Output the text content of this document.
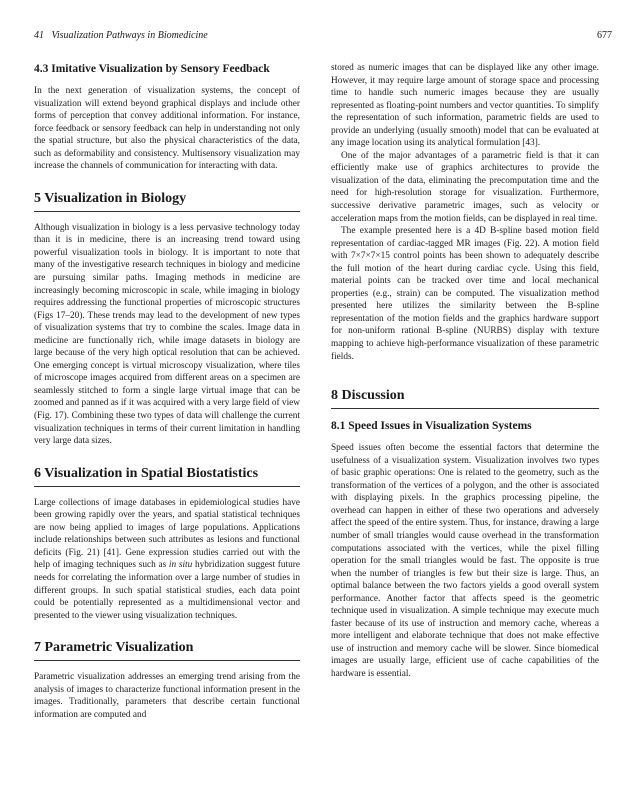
41 Visualization Pathways in Biomedicine	677
4.3 Imitative Visualization by Sensory Feedback

In the next generation of visualization systems, the concept of visualization will extend beyond graphical displays and include other forms of perception that convey additional information. For instance, force feedback or sensory feedback can help in understanding not only the spatial structure, but also the physical characteristics of the data, such as deformability and consistency. Multisensory visualization may increase the channels of communication for interacting with data.

5 Visualization in Biology

Although visualization in biology is a less pervasive technology today than it is in medicine, there is an increasing trend toward using powerful visualization tools in biology. It is important to note that many of the investigative research techniques in biology and medicine are pursuing similar paths. Imaging methods in medicine are increasingly becoming microscopic in scale, while imaging in biology requires addressing the functional properties of microscopic structures (Figs 17–20). These trends may lead to the development of new types of visualization systems that try to combine the scales. Image data in medicine are functionally rich, while image datasets in biology are large because of the very high optical resolution that can be achieved. One emerging concept is virtual microscopy visualization, where tiles of microscope images acquired from different areas on a specimen are seamlessly stitched to form a single large virtual image that can be zoomed and panned as if it was acquired with a very large field of view (Fig. 17). Combining these two types of data will challenge the current visualization techniques in terms of their current limitation in handling very large data sizes.

6 Visualization in Spatial Biostatistics

Large collections of image databases in epidemiological studies have been growing rapidly over the years, and spatial statistical techniques are now being applied to images of large populations. Applications include relationships between such attributes as lesions and functional deficits (Fig. 21) [41]. Gene expression studies carried out with the help of imaging techniques such as in situ hybridization suggest future needs for correlating the information over a large number of studies in different groups. In such spatial statistical studies, each data point could be potentially represented as a multidimensional vector and presented to the viewer using visualization techniques.

7 Parametric Visualization

Parametric visualization addresses an emerging trend arising from the analysis of images to characterize functional information present in the images. Traditionally, parameters that describe certain functional information are computed and

stored as numeric images that can be displayed like any other image. However, it may require large amount of storage space and processing time to handle such numeric images because they are usually represented as floating-point numbers and vector quantities. To simplify the representation of such information, parametric fields are used to provide an underlying (usually smooth) model that can be evaluated at any image location using its analytical formulation [43].

One of the major advantages of a parametric field is that it can efficiently make use of graphics architectures to provide the visualization of the data, eliminating the precomputation time and the need for high-resolution storage for visualization. Furthermore, successive derivative parametric images, such as velocity or acceleration maps from the motion fields, can be displayed in real time.

The example presented here is a 4D B-spline based motion field representation of cardiac-tagged MR images (Fig. 22). A motion field with 7×7×7×15 control points has been shown to adequately describe the full motion of the heart during cardiac cycle. Using this field, material points can be tracked over time and local mechanical properties (e.g., strain) can be computed. The visualization method presented here utilizes the similarity between the B-spline representation of the motion fields and the graphics hardware support for non-uniform rational B-spline (NURBS) display with texture mapping to achieve high-performance visualization of these parametric fields.

8 Discussion
8.1 Speed Issues in Visualization Systems

Speed issues often become the essential factors that determine the usefulness of a visualization system. Visualization involves two types of basic graphic operations: One is related to the geometry, such as the transformation of the vertices of a polygon, and the other is associated with displaying pixels. In the graphics processing pipeline, the overhead can happen in either of these two operations and adversely affect the speed of the entire system. Thus, for instance, drawing a large number of small triangles would cause overhead in the transformation computations associated with the vertices, while the pixel filling operation for the small triangles would be fast. The opposite is true when the number of triangles is few but their size is large. Thus, an optimal balance between the two factors yields a good overall system performance. Another factor that affects speed is the geometric technique used in visualization. A simple technique may execute much faster because of its use of instruction and memory cache, whereas a more intelligent and elaborate technique that does not make effective use of instruction and memory cache will be slower. Since biomedical images are usually large, efficient use of cache capabilities of the hardware is essential.
